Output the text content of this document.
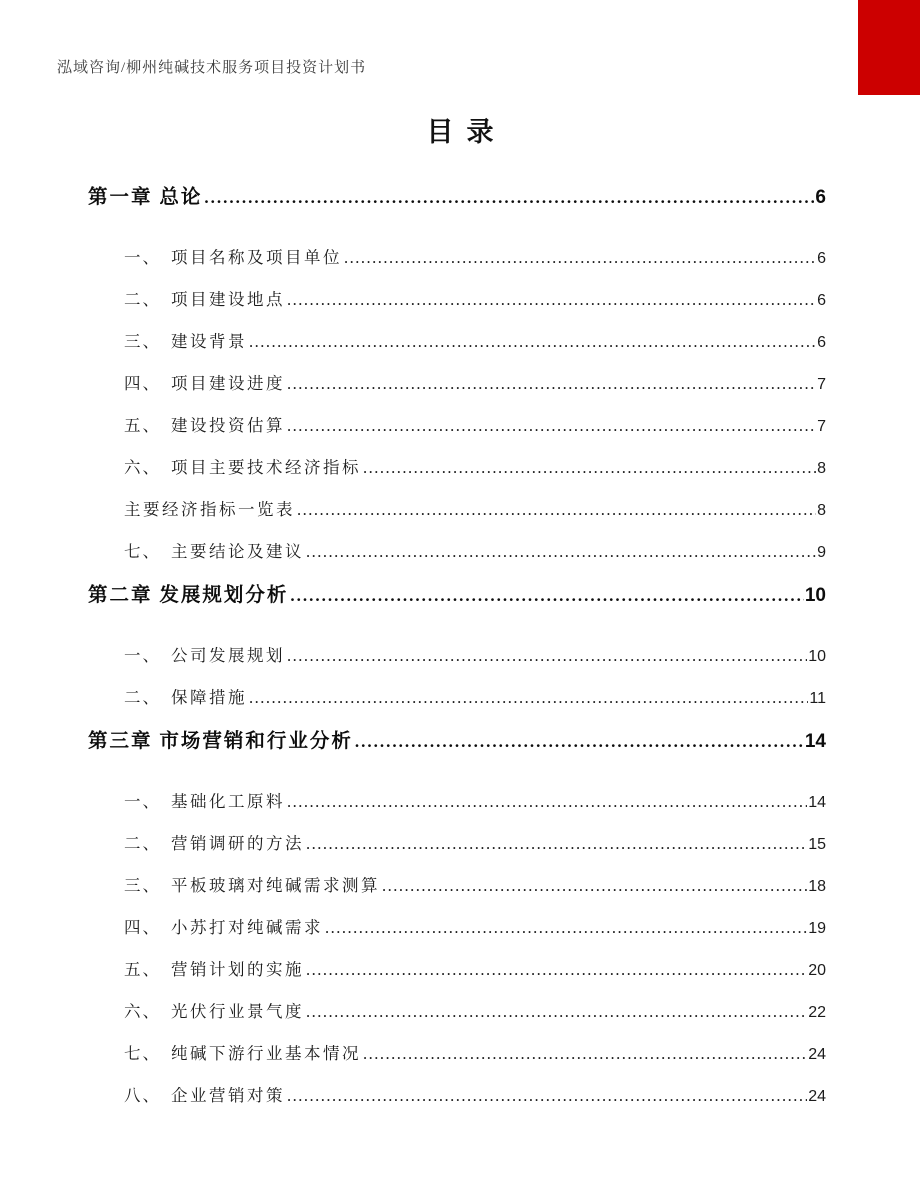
泓域咨询/柳州纯碱技术服务项目投资计划书
目录
第一章 总论 .....	6
一、 项目名称及项目单位 .....	6
二、 项目建设地点 .....	6
三、 建设背景 .....	6
四、 项目建设进度 .....	7
五、 建设投资估算 .....	7
六、 项目主要技术经济指标 .....	8
主要经济指标一览表 .....	8
七、 主要结论及建议 .....	9
第二章 发展规划分析 .....	10
一、 公司发展规划 .....	10
二、 保障措施 .....	11
第三章 市场营销和行业分析 .....	14
一、 基础化工原料 .....	14
二、 营销调研的方法 .....	15
三、 平板玻璃对纯碱需求测算 .....	18
四、 小苏打对纯碱需求 .....	19
五、 营销计划的实施 .....	20
六、 光伏行业景气度 .....	22
七、 纯碱下游行业基本情况 .....	24
八、 企业营销对策 .....	24
